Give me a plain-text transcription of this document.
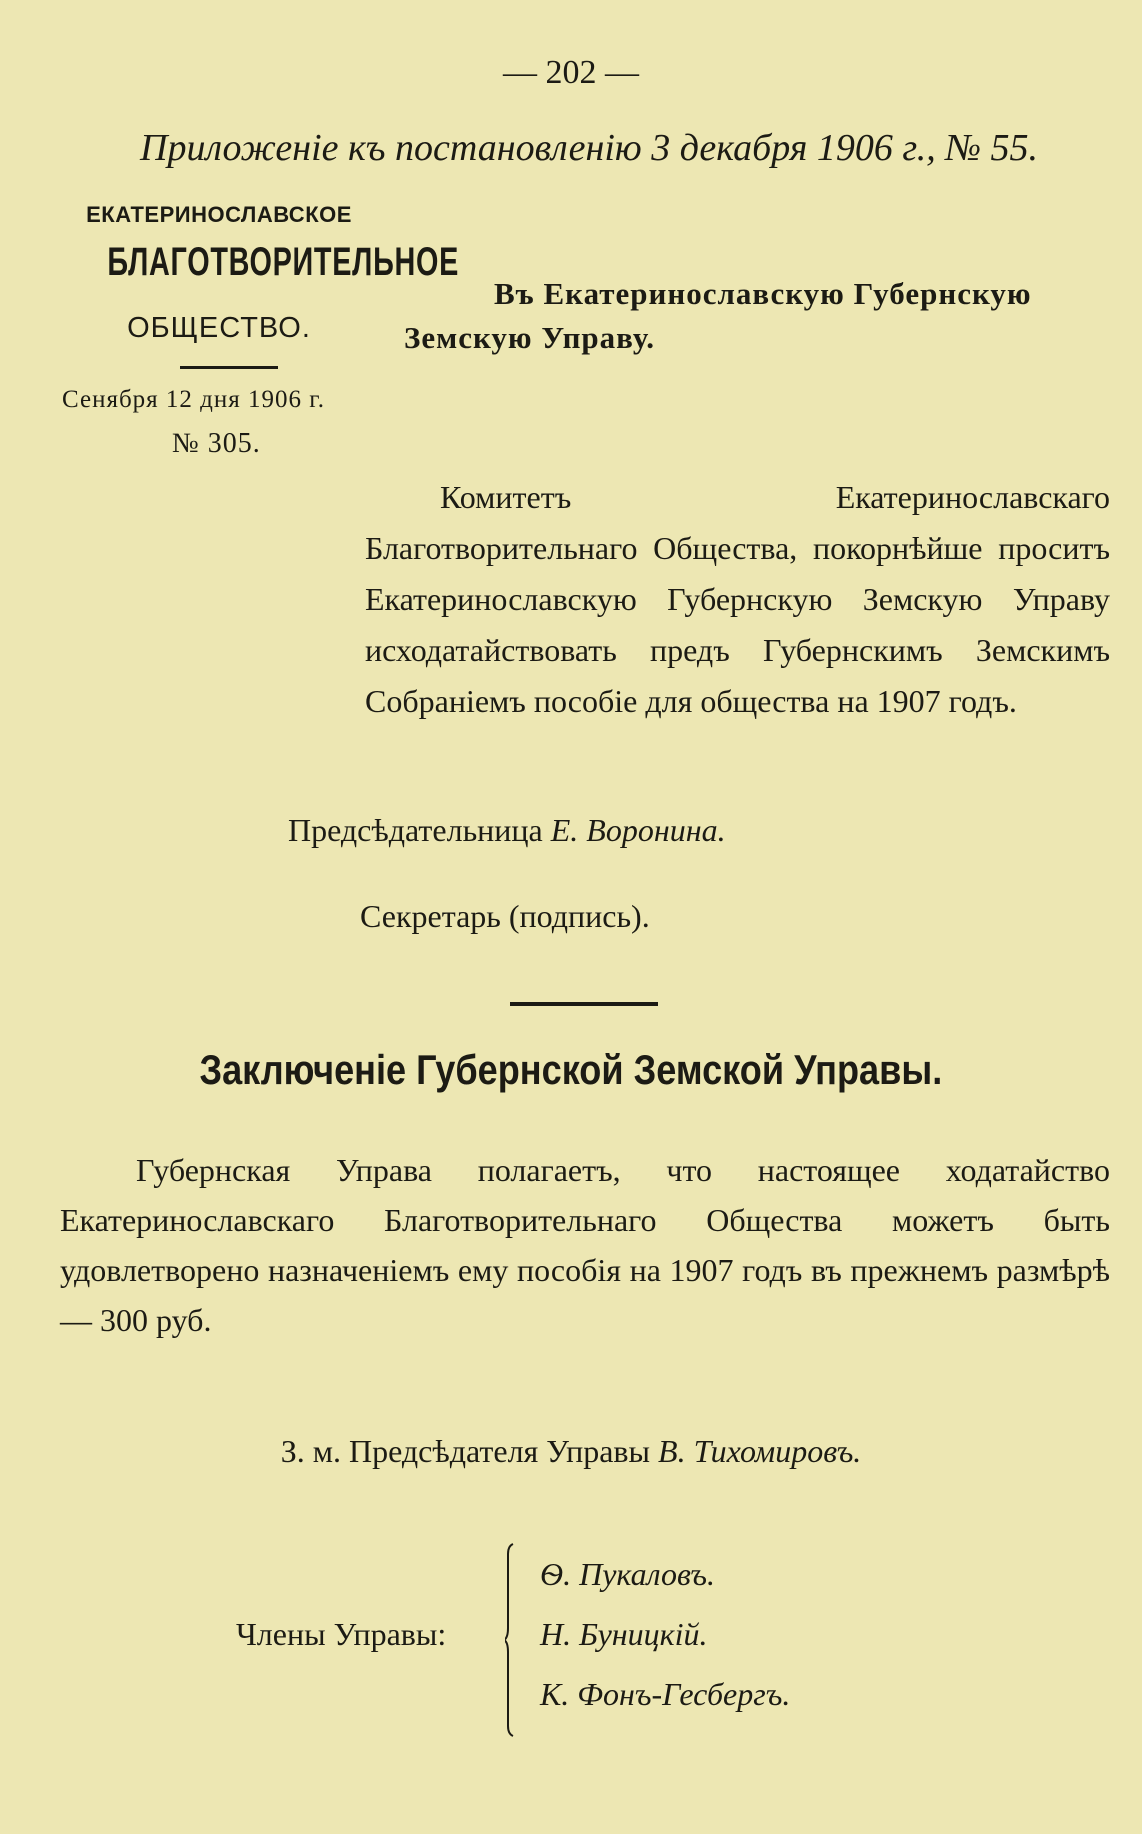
— 202 —
Приложеніе къ постановленію 3 декабря 1906 г., № 55.
ЕКАТЕРИНОСЛАВСКОЕ
БЛАГОТВОРИТЕЛЬНОЕ
ОБЩЕСТВО.
Сенября 12 дня 1906 г.
№ 305.
Въ Екатеринославскую Губернскую Земскую Управу.
Комитетъ Екатеринославскаго Благотворительнаго Общества, покорнѣйше проситъ Екатеринославскую Губернскую Земскую Управу исходатайствовать предъ Губернскимъ Земскимъ Собраніемъ пособіе для общества на 1907 годъ.
Предсѣдательница Е. Воронина.
Секретарь (подпись).
Заключеніе Губернской Земской Управы.
Губернская Управа полагаетъ, что настоящее ходатайство Екатеринославскаго Благотворительнаго Общества можетъ быть удовлетворено назначеніемъ ему пособія на 1907 годъ въ прежнемъ размѣрѣ — 300 руб.
З. м. Предсѣдателя Управы В. Тихомировъ.
Члены Управы:
Ѳ. Пукаловъ.
Н. Буницкій.
К. Фонъ-Гесбергъ.
